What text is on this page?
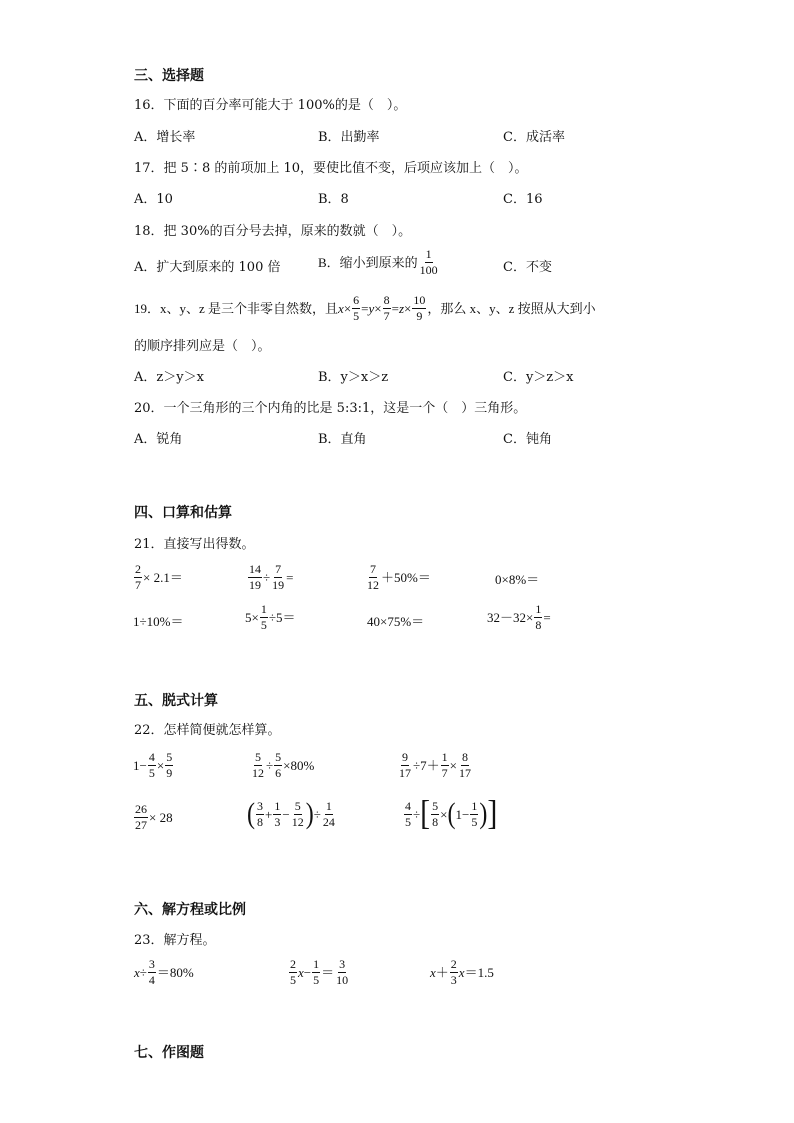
三、选择题
16．下面的百分率可能大于 100%的是（　）。
A．增长率	B．出勤率	C．成活率
17．把 5∶8 的前项加上 10，要使比值不变，后项应该加上（　）。
A．10	B．8	C．16
18．把 30%的百分号去掉，原来的数就（　）。
A．扩大到原来的 100 倍	B．缩小到原来的 $\frac{1}{100}$	C．不变
19．x、y、z 是三个非零自然数，且 $x \times \frac{6}{5} = y \times \frac{8}{7} = z \times \frac{10}{9}$ ，那么 x、y、z 按照从大到小
的顺序排列应是（　）。
A．z＞y＞x	B．y＞x＞z	C．y＞z＞x
20．一个三角形的三个内角的比是 5:3:1，这是一个（　）三角形。
A．锐角	B．直角	C．钝角
四、口算和估算
21．直接写出得数。
$\frac{2}{7} \times 2.1=$	$\frac{14}{19} \div \frac{7}{19}$ =	$\frac{7}{12} +50\%=$	0×8%＝
1÷10%＝	$5\times \frac{1}{5} \div 5=$	40×75%＝	$32-32\times \frac{1}{8}$ =
五、脱式计算
22．怎样简便就怎样算。
$1- \frac{4}{5} \times \frac{5}{9}$	$\frac{5}{12} \div \frac{5}{6} \times 80\%$	$\frac{9}{17} \div 7+ \frac{1}{7} \times \frac{8}{17}$
$\frac{26}{27} \times 28$	( $\frac{3}{8} + \frac{1}{3} - \frac{5}{12}$ ) ÷ $\frac{1}{24}$	$\frac{4}{5}$ ÷ [ $\frac{5}{8}$ × ( $1- \frac{1}{5}$ ) ]
六、解方程或比例
23．解方程。
$x \div \frac{3}{4} =80\%$	$\frac{2}{5}$ $x - \frac{1}{5} = \frac{3}{10}$	$x + \frac{2}{3}$ x ＝1.5
七、作图题
